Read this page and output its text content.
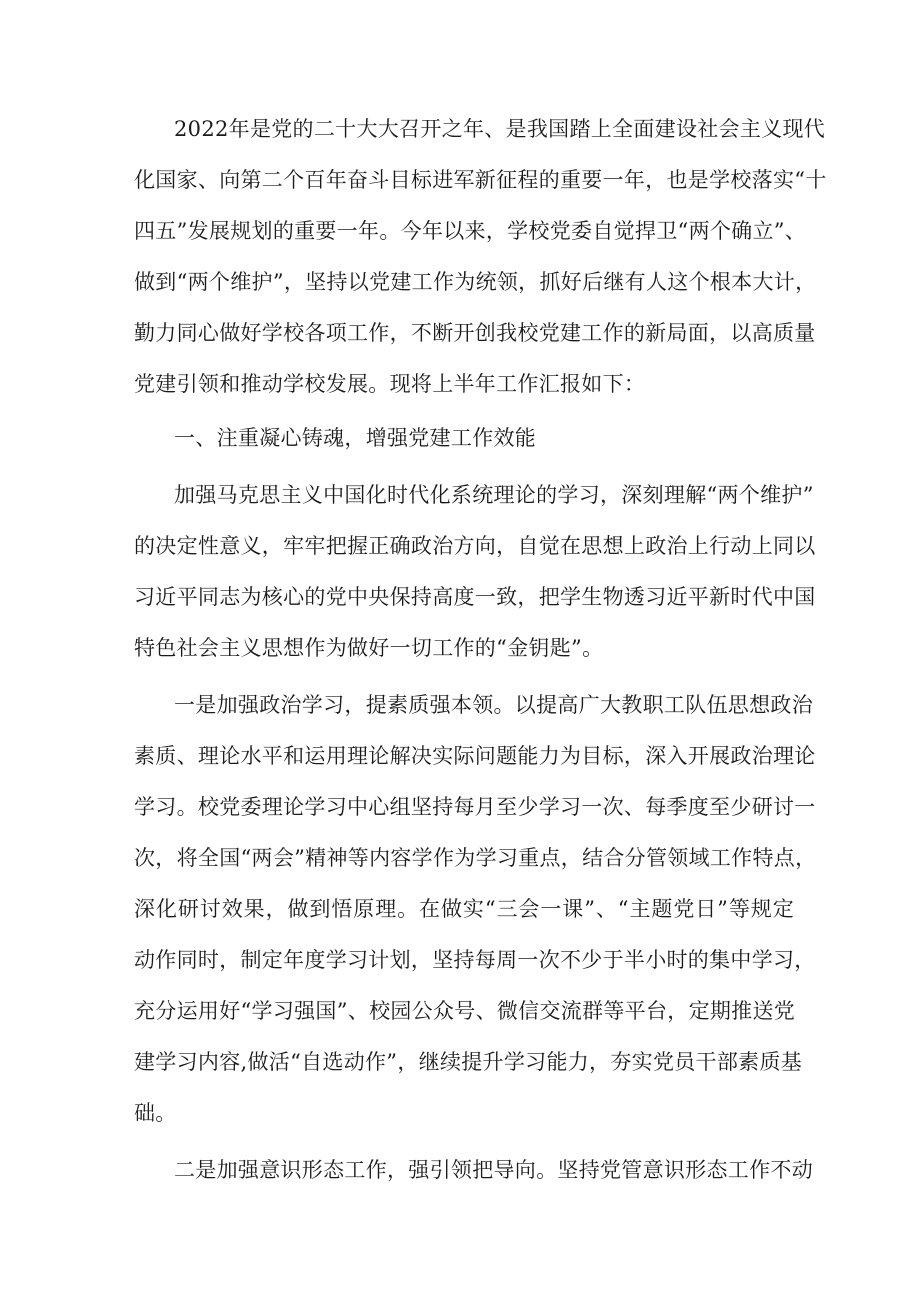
2022年是党的二十大大召开之年、是我国踏上全面建设社会主义现代

化国家、向第二个百年奋斗目标进军新征程的重要一年，也是学校落实“十

四五”发展规划的重要一年。今年以来，学校党委自觉捍卫“两个确立”、

做到“两个维护”，坚持以党建工作为统领，抓好后继有人这个根本大计，

勤力同心做好学校各项工作，不断开创我校党建工作的新局面，以高质量

党建引领和推动学校发展。现将上半年工作汇报如下：

一、注重凝心铸魂，增强党建工作效能

加强马克思主义中国化时代化系统理论的学习，深刻理解“两个维护”

的决定性意义，牢牢把握正确政治方向，自觉在思想上政治上行动上同以

习近平同志为核心的党中央保持高度一致，把学生物透习近平新时代中国

特色社会主义思想作为做好一切工作的“金钥匙”。

一是加强政治学习，提素质强本领。以提高广大教职工队伍思想政治

素质、理论水平和运用理论解决实际问题能力为目标，深入开展政治理论

学习。校党委理论学习中心组坚持每月至少学习一次、每季度至少研讨一

次，将全国“两会”精神等内容学作为学习重点，结合分管领域工作特点，

深化研讨效果，做到悟原理。在做实“三会一课”、“主题党日”等规定

动作同时，制定年度学习计划，坚持每周一次不少于半小时的集中学习，

充分运用好“学习强国”、校园公众号、微信交流群等平台，定期推送党

建学习内容,做活“自选动作”，继续提升学习能力，夯实党员干部素质基

础。

二是加强意识形态工作，强引领把导向。坚持党管意识形态工作不动
